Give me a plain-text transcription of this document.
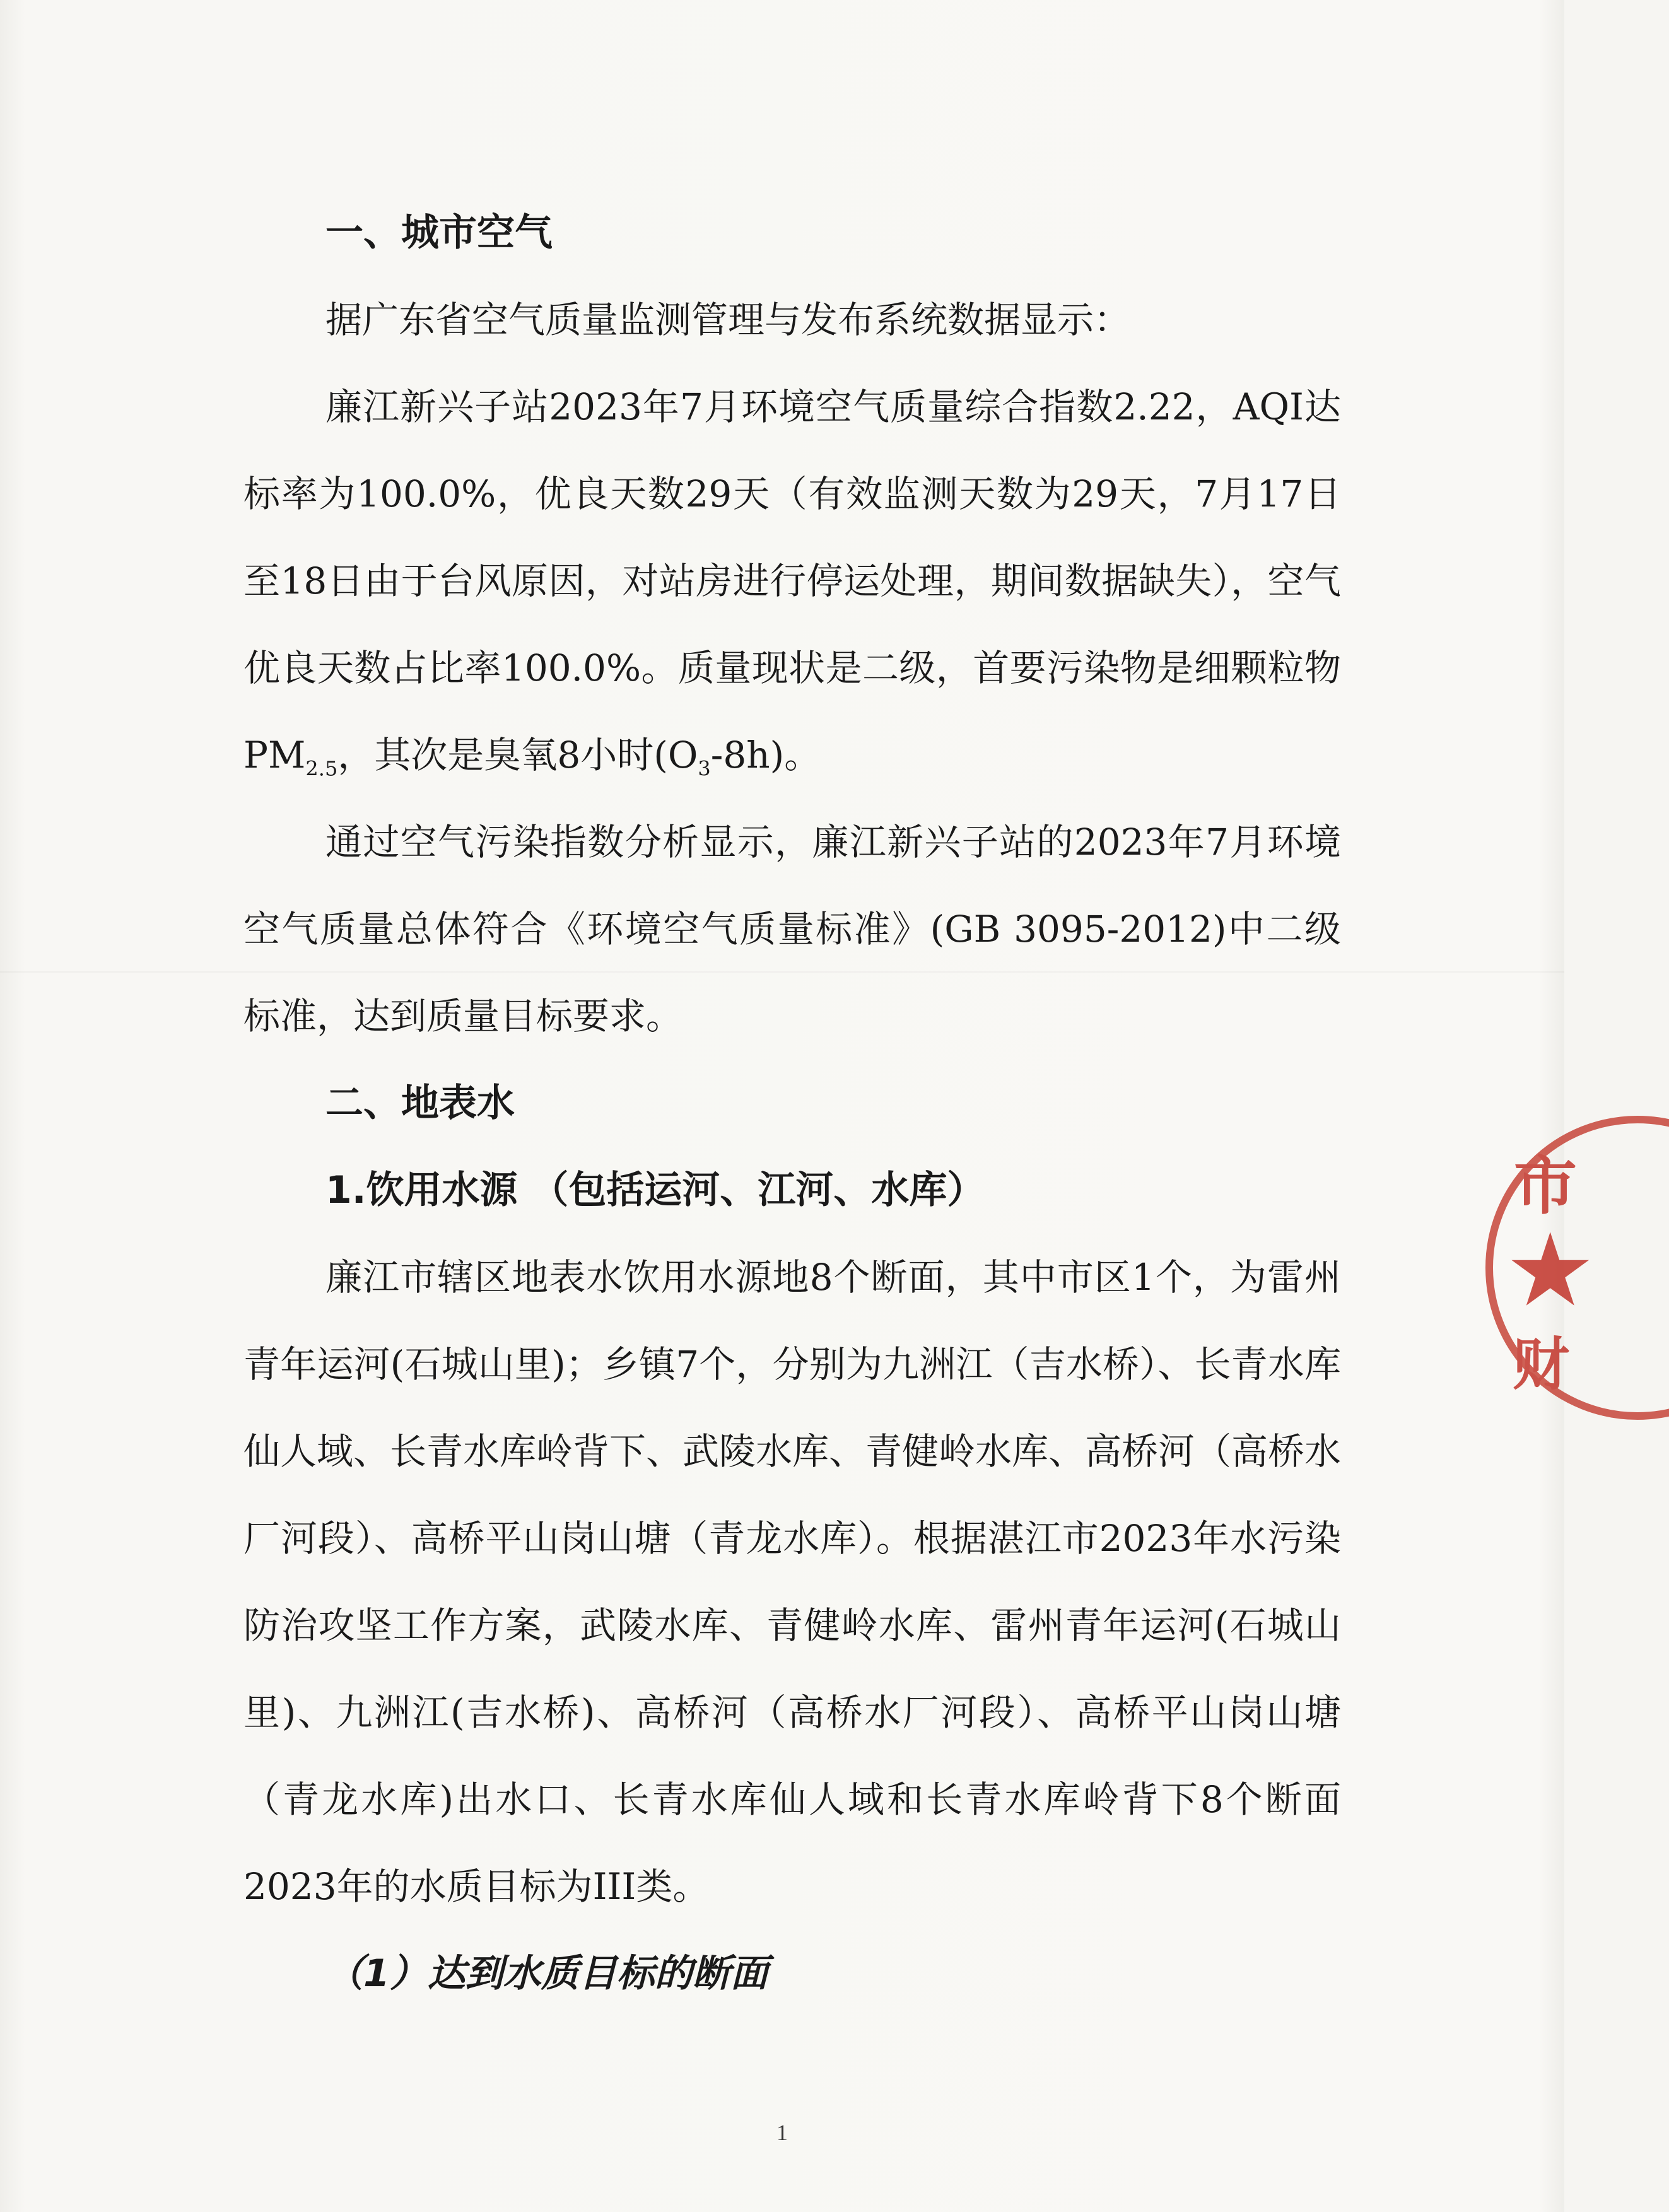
一、城市空气

据广东省空气质量监测管理与发布系统数据显示：

廉江新兴子站2023年7月环境空气质量综合指数2.22，AQI达标率为100.0%，优良天数29天（有效监测天数为29天，7月17日至18日由于台风原因，对站房进行停运处理，期间数据缺失），空气优良天数占比率100.0%。质量现状是二级，首要污染物是细颗粒物$PM_{2.5}$，其次是臭氧8小时$(O_3-8h)$。

通过空气污染指数分析显示，廉江新兴子站的2023年7月环境空气质量总体符合《环境空气质量标准》(GB 3095-2012)中二级标准，达到质量目标要求。

二、地表水

1.饮用水源 （包括运河、江河、水库）

廉江市辖区地表水饮用水源地8个断面，其中市区1个，为雷州青年运河(石城山里)；乡镇7个，分别为九洲江（吉水桥）、长青水库仙人域、长青水库岭背下、武陵水库、青健岭水库、高桥河（高桥水厂河段）、高桥平山岗山塘（青龙水库）。根据湛江市2023年水污染防治攻坚工作方案，武陵水库、青健岭水库、雷州青年运河(石城山里)、九洲江(吉水桥)、高桥河（高桥水厂河段）、高桥平山岗山塘（青龙水库)出水口、长青水库仙人域和长青水库岭背下8个断面2023年的水质目标为III类。

（1）达到水质目标的断面

1
市
★
财
